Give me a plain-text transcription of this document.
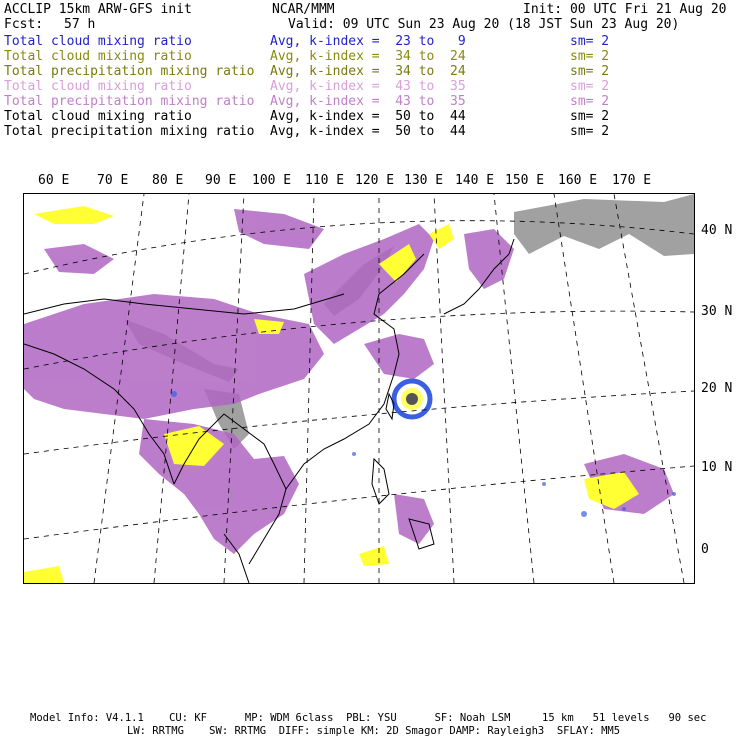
ACCLIP 15km ARW-GFS init	NCAR/MMM	Init: 00 UTC Fri 21 Aug 20
Fcst: 57 h	Valid: 09 UTC Sun 23 Aug 20 (18 JST Sun 23 Aug 20)
Total cloud mixing ratio	Avg, k-index =  23 to   9	sm= 2
Total cloud mixing ratio	Avg, k-index =  34 to  24	sm= 2
Total precipitation mixing ratio Avg, k-index =  34 to  24	sm= 2
Total cloud mixing ratio	Avg, k-index =  43 to  35	sm= 2
Total precipitation mixing ratio Avg, k-index =  43 to  35	sm= 2
Total cloud mixing ratio	Avg, k-index =  50 to  44	sm= 2
Total precipitation mixing ratio Avg, k-index =  50 to  44	sm= 2
60 E 70 E 80 E 90 E 100 E 110 E 120 E 130 E 140 E 150 E 160 E 170 E
40 N
30 N
20 N
10 N
0
Model Info: V4.1.1    CU: KF      MP: WDM 6class  PBL: YSU      SF: Noah LSM     15 km   51 levels   90 sec
LW: RRTMG    SW: RRTMG  DIFF: simple KM: 2D Smagor DAMP: Rayleigh3  SFLAY: MM5
